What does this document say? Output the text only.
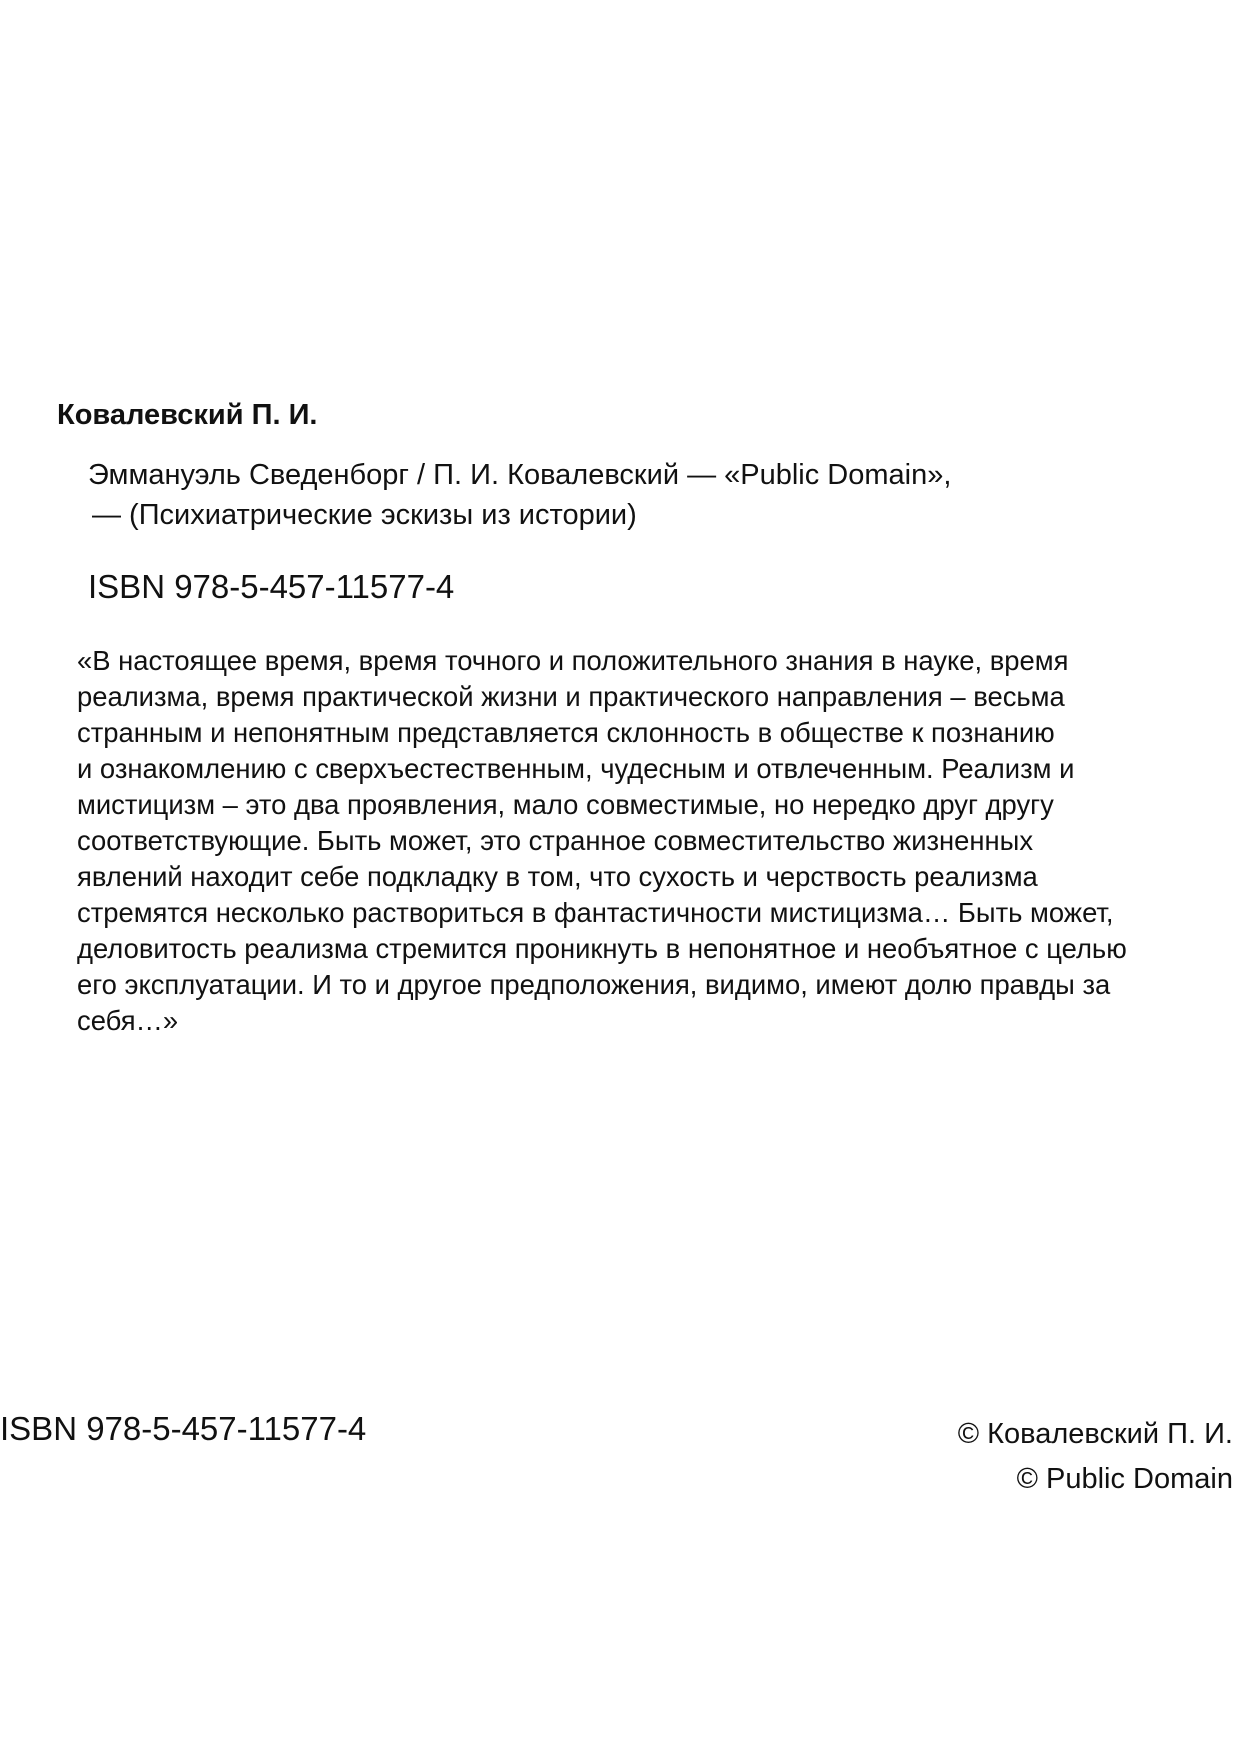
Ковалевский П. И.
Эммануэль Сведенборг / П. И. Ковалевский — «Public Domain»,
— (Психиатрические эскизы из истории)
ISBN 978-5-457-11577-4
«В настоящее время, время точного и положительного знания в науке, время
реализма, время практической жизни и практического направления – весьма
странным и непонятным представляется склонность в обществе к познанию
и ознакомлению с сверхъестественным, чудесным и отвлеченным. Реализм и
мистицизм – это два проявления, мало совместимые, но нередко друг другу
соответствующие. Быть может, это странное совместительство жизненных
явлений находит себе подкладку в том, что сухость и черствость реализма
стремятся несколько раствориться в фантастичности мистицизма… Быть может,
деловитость реализма стремится проникнуть в непонятное и необъятное с целью
его эксплуатации. И то и другое предположения, видимо, имеют долю правды за
себя…»
ISBN 978-5-457-11577-4	© Ковалевский П. И.
© Public Domain
